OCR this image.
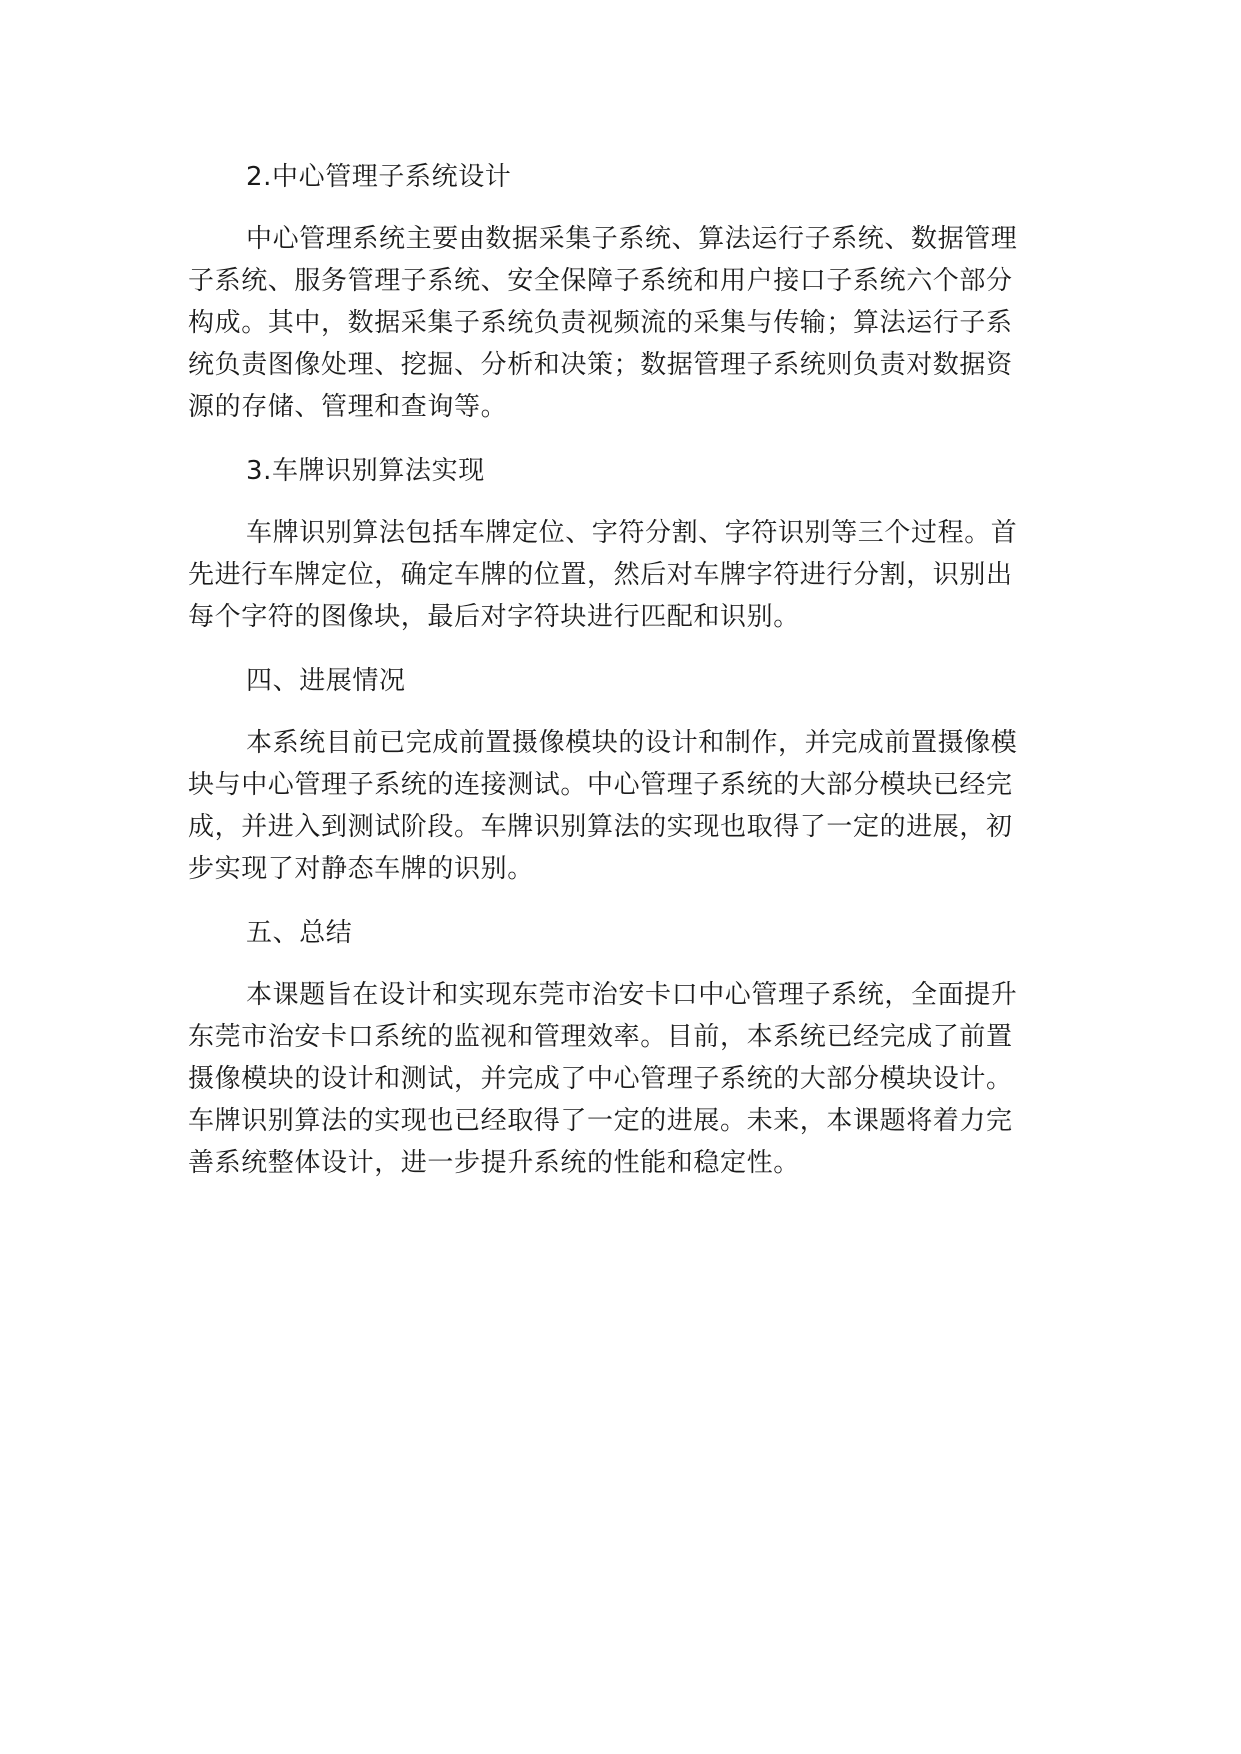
2.中心管理子系统设计

中心管理系统主要由数据采集子系统、算法运行子系统、数据管理子系统、服务管理子系统、安全保障子系统和用户接口子系统六个部分构成。其中，数据采集子系统负责视频流的采集与传输；算法运行子系统负责图像处理、挖掘、分析和决策；数据管理子系统则负责对数据资源的存储、管理和查询等。

3.车牌识别算法实现

车牌识别算法包括车牌定位、字符分割、字符识别等三个过程。首先进行车牌定位，确定车牌的位置，然后对车牌字符进行分割，识别出每个字符的图像块，最后对字符块进行匹配和识别。

四、进展情况

本系统目前已完成前置摄像模块的设计和制作，并完成前置摄像模块与中心管理子系统的连接测试。中心管理子系统的大部分模块已经完成，并进入到测试阶段。车牌识别算法的实现也取得了一定的进展，初步实现了对静态车牌的识别。

五、总结

本课题旨在设计和实现东莞市治安卡口中心管理子系统，全面提升东莞市治安卡口系统的监视和管理效率。目前，本系统已经完成了前置摄像模块的设计和测试，并完成了中心管理子系统的大部分模块设计。车牌识别算法的实现也已经取得了一定的进展。未来，本课题将着力完善系统整体设计，进一步提升系统的性能和稳定性。
